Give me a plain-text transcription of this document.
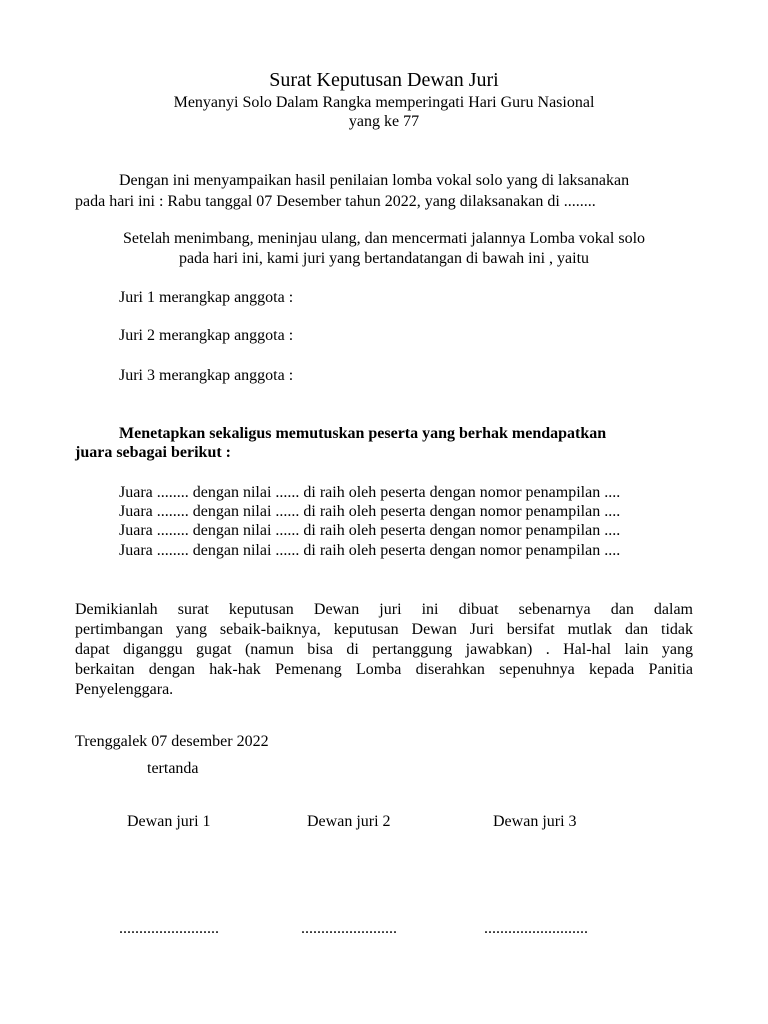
Surat Keputusan Dewan Juri
Menyanyi Solo Dalam Rangka memperingati Hari Guru Nasional
yang ke 77
Dengan ini menyampaikan hasil penilaian lomba vokal solo yang di laksanakan
pada hari ini : Rabu tanggal 07 Desember tahun 2022, yang dilaksanakan di ........
Setelah menimbang, meninjau ulang, dan mencermati jalannya Lomba vokal solo
pada hari ini, kami juri yang bertandatangan di bawah ini , yaitu
Juri 1 merangkap anggota :
Juri 2 merangkap anggota :
Juri 3 merangkap anggota :
Menetapkan sekaligus memutuskan peserta yang berhak mendapatkan
juara sebagai berikut :
Juara ........ dengan nilai ...... di raih oleh peserta dengan nomor penampilan ....
Juara ........ dengan nilai ...... di raih oleh peserta dengan nomor penampilan ....
Juara ........ dengan nilai ...... di raih oleh peserta dengan nomor penampilan ....
Juara ........ dengan nilai ...... di raih oleh peserta dengan nomor penampilan ....
Demikianlah surat keputusan Dewan juri ini dibuat sebenarnya dan dalam
pertimbangan yang sebaik-baiknya, keputusan Dewan Juri bersifat mutlak dan tidak
dapat diganggu gugat (namun bisa di pertanggung jawabkan) . Hal-hal lain yang
berkaitan dengan hak-hak Pemenang Lomba diserahkan sepenuhnya kepada Panitia
Penyelenggara.
Trenggalek 07 desember 2022
tertanda
Dewan juri 1	Dewan juri 2	Dewan juri 3
.........................	........................	..........................
